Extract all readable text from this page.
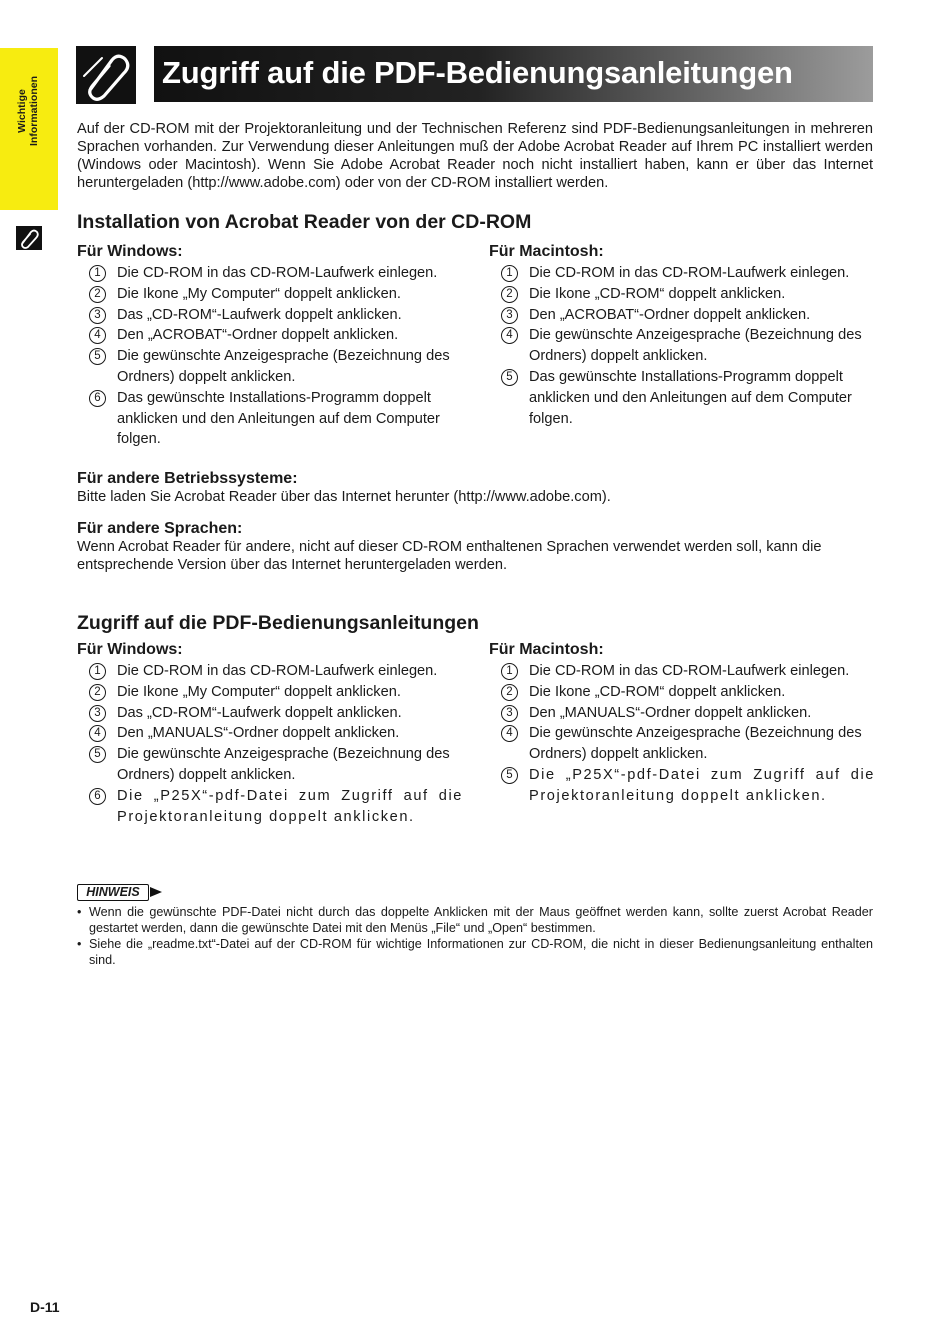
Wichtige Informationen
Zugriff auf die PDF-Bedienungsanleitungen

Auf der CD-ROM mit der Projektoranleitung und der Technischen Referenz sind PDF-Bedienungsanleitungen in mehreren Sprachen vorhanden. Zur Verwendung dieser Anleitungen muß der Adobe Acrobat Reader auf Ihrem PC installiert werden (Windows oder Macintosh). Wenn Sie Adobe Acrobat Reader noch nicht installiert haben, kann er über das Internet heruntergeladen (http://www.adobe.com) oder von der CD-ROM installiert werden.

Installation von Acrobat Reader von der CD-ROM
Für Windows:
1	Die CD-ROM in das CD-ROM-Laufwerk einlegen.
2	Die Ikone „My Computer“ doppelt anklicken.
3	Das „CD-ROM“-Laufwerk doppelt anklicken.
4	Den „ACROBAT“-Ordner doppelt anklicken.
5	Die gewünschte Anzeigesprache (Bezeichnung des Ordners) doppelt anklicken.
6	Das gewünschte Installations-Programm doppelt anklicken und den Anleitungen auf dem Computer folgen.
Für Macintosh:
1	Die CD-ROM in das CD-ROM-Laufwerk einlegen.
2	Die Ikone „CD-ROM“ doppelt anklicken.
3	Den „ACROBAT“-Ordner doppelt anklicken.
4	Die gewünschte Anzeigesprache (Bezeichnung des Ordners) doppelt anklicken.
5	Das gewünschte Installations-Programm doppelt anklicken und den Anleitungen auf dem Computer folgen.
Für andere Betriebssysteme:

Bitte laden Sie Acrobat Reader über das Internet herunter (http://www.adobe.com).

Für andere Sprachen:

Wenn Acrobat Reader für andere, nicht auf dieser CD-ROM enthaltenen Sprachen verwendet werden soll, kann die entsprechende Version über das Internet heruntergeladen werden.

Zugriff auf die PDF-Bedienungsanleitungen
Für Windows:
1	Die CD-ROM in das CD-ROM-Laufwerk einlegen.
2	Die Ikone „My Computer“ doppelt anklicken.
3	Das „CD-ROM“-Laufwerk doppelt anklicken.
4	Den „MANUALS“-Ordner doppelt anklicken.
5	Die gewünschte Anzeigesprache (Bezeichnung des Ordners) doppelt anklicken.
6	Die „P25X“-pdf-Datei zum Zugriff auf die Projektoranleitung doppelt anklicken.
Für Macintosh:
1	Die CD-ROM in das CD-ROM-Laufwerk einlegen.
2	Die Ikone „CD-ROM“ doppelt anklicken.
3	Den „MANUALS“-Ordner doppelt anklicken.
4	Die gewünschte Anzeigesprache (Bezeichnung des Ordners) doppelt anklicken.
5	Die „P25X“-pdf-Datei zum Zugriff auf die Projektoranleitung doppelt anklicken.
HINWEIS
• Wenn die gewünschte PDF-Datei nicht durch das doppelte Anklicken mit der Maus geöffnet werden kann, sollte zuerst Acrobat Reader gestartet werden, dann die gewünschte Datei mit den Menüs „File“ und „Open“ bestimmen.
• Siehe die „readme.txt“-Datei auf der CD-ROM für wichtige Informationen zur CD-ROM, die nicht in dieser Bedienungsanleitung enthalten sind.
D-11
